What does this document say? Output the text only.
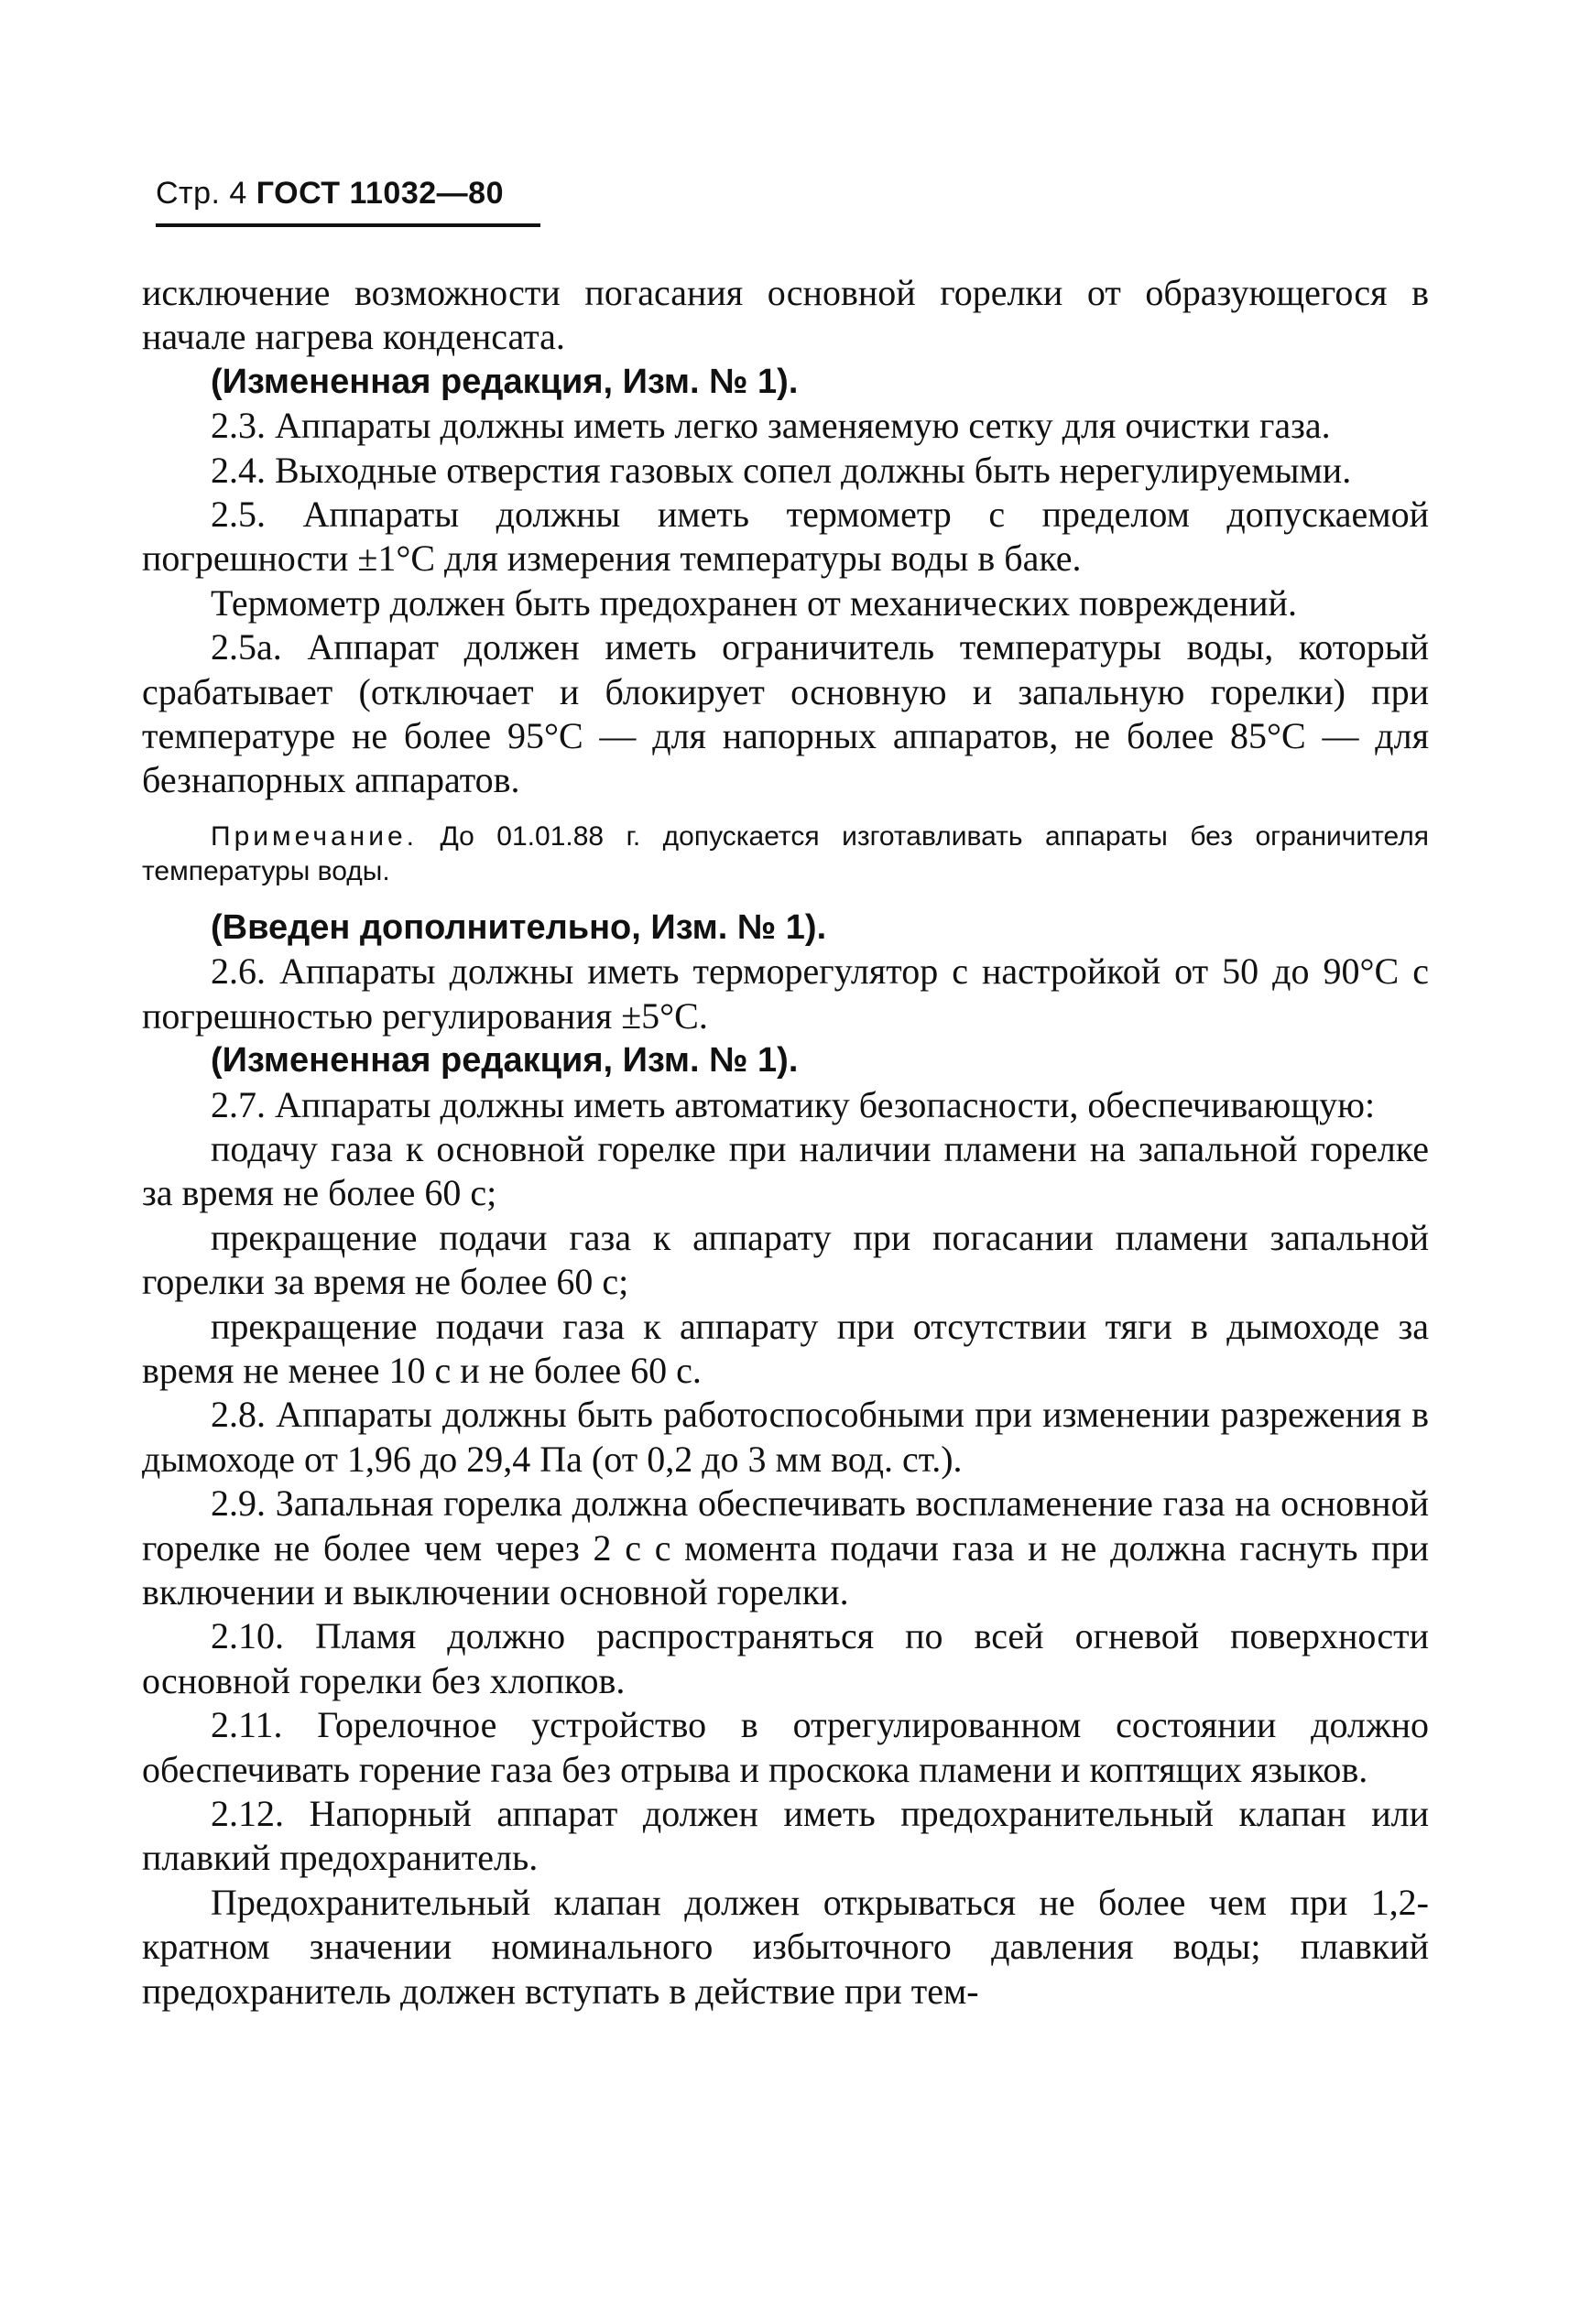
Стр. 4 ГОСТ 11032—80

исключение возможности погасания основной горелки от образующегося в начале нагрева конденсата.

(Измененная редакция, Изм. № 1).

2.3. Аппараты должны иметь легко заменяемую сетку для очистки газа.

2.4. Выходные отверстия газовых сопел должны быть нерегулируемыми.

2.5. Аппараты должны иметь термометр с пределом допускаемой погрешности ±1°С для измерения температуры воды в баке.

Термометр должен быть предохранен от механических повреждений.

2.5а. Аппарат должен иметь ограничитель температуры воды, который срабатывает (отключает и блокирует основную и запальную горелки) при температуре не более 95°С — для напорных аппаратов, не более 85°С — для безнапорных аппаратов.

Примечание. До 01.01.88 г. допускается изготавливать аппараты без ограничителя температуры воды.

(Введен дополнительно, Изм. № 1).

2.6. Аппараты должны иметь терморегулятор с настройкой от 50 до 90°С с погрешностью регулирования ±5°С.

(Измененная редакция, Изм. № 1).

2.7. Аппараты должны иметь автоматику безопасности, обеспечивающую:

подачу газа к основной горелке при наличии пламени на запальной горелке за время не более 60 с;

прекращение подачи газа к аппарату при погасании пламени запальной горелки за время не более 60 с;

прекращение подачи газа к аппарату при отсутствии тяги в дымоходе за время не менее 10 с и не более 60 с.

2.8. Аппараты должны быть работоспособными при изменении разрежения в дымоходе от 1,96 до 29,4 Па (от 0,2 до 3 мм вод. ст.).

2.9. Запальная горелка должна обеспечивать воспламенение газа на основной горелке не более чем через 2 с с момента подачи газа и не должна гаснуть при включении и выключении основной горелки.

2.10. Пламя должно распространяться по всей огневой поверхности основной горелки без хлопков.

2.11. Горелочное устройство в отрегулированном состоянии должно обеспечивать горение газа без отрыва и проскока пламени и коптящих языков.

2.12. Напорный аппарат должен иметь предохранительный клапан или плавкий предохранитель.

Предохранительный клапан должен открываться не более чем при 1,2-кратном значении номинального избыточного давления воды; плавкий предохранитель должен вступать в действие при тем-
